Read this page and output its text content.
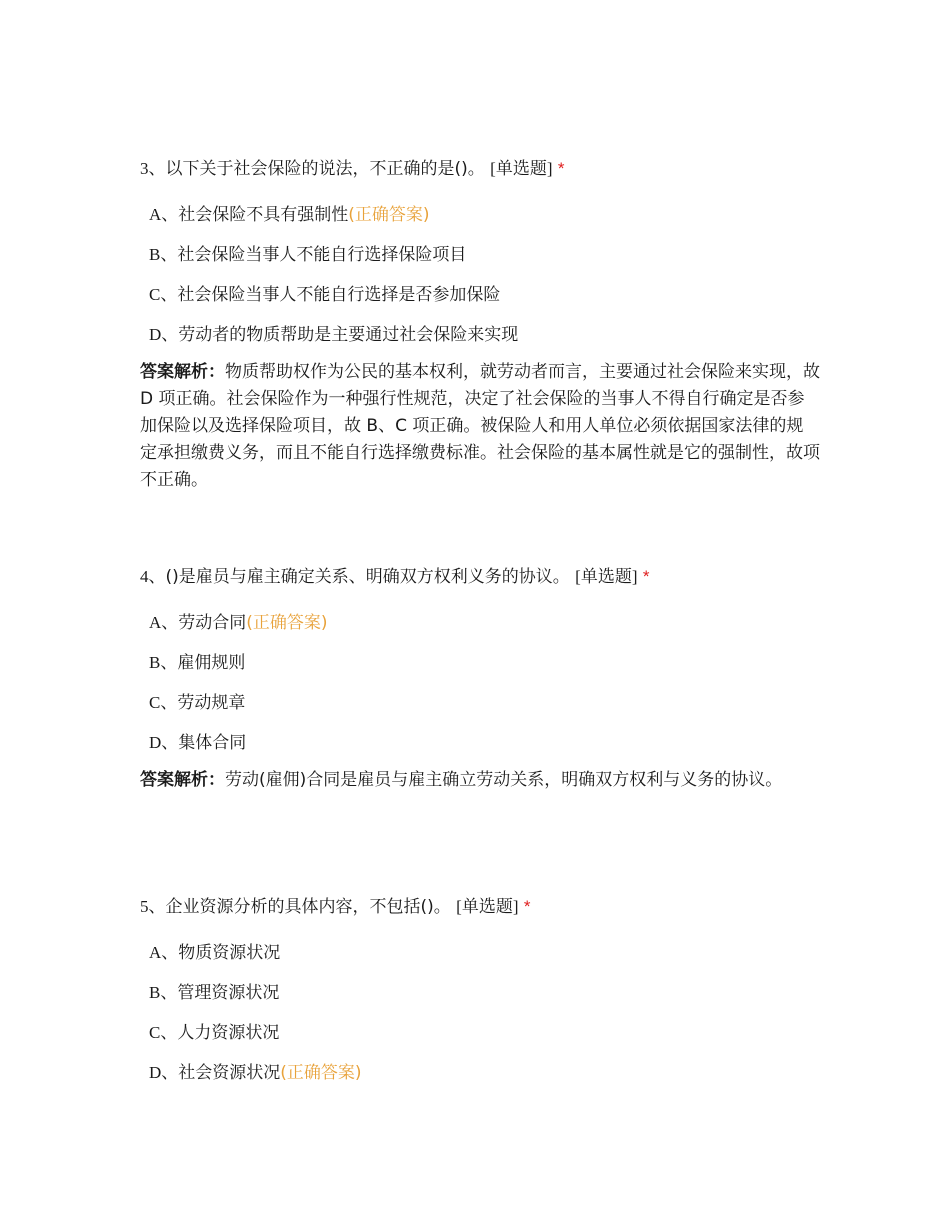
3、以下关于社会保险的说法，不正确的是()。 [单选题] *

A、社会保险不具有强制性(正确答案)
B、社会保险当事人不能自行选择保险项目
C、社会保险当事人不能自行选择是否参加保险
D、劳动者的物质帮助是主要通过社会保险来实现

答案解析：物质帮助权作为公民的基本权利，就劳动者而言，主要通过社会保险来实现，故 D 项正确。社会保险作为一种强行性规范，决定了社会保险的当事人不得自行确定是否参加保险以及选择保险项目，故 B、C 项正确。被保险人和用人单位必须依据国家法律的规定承担缴费义务，而且不能自行选择缴费标准。社会保险的基本属性就是它的强制性，故项不正确。

4、()是雇员与雇主确定关系、明确双方权利义务的协议。 [单选题] *

A、劳动合同(正确答案)
B、雇佣规则
C、劳动规章
D、集体合同

答案解析：劳动(雇佣)合同是雇员与雇主确立劳动关系，明确双方权利与义务的协议。

5、企业资源分析的具体内容，不包括()。 [单选题] *

A、物质资源状况
B、管理资源状况
C、人力资源状况
D、社会资源状况(正确答案)
